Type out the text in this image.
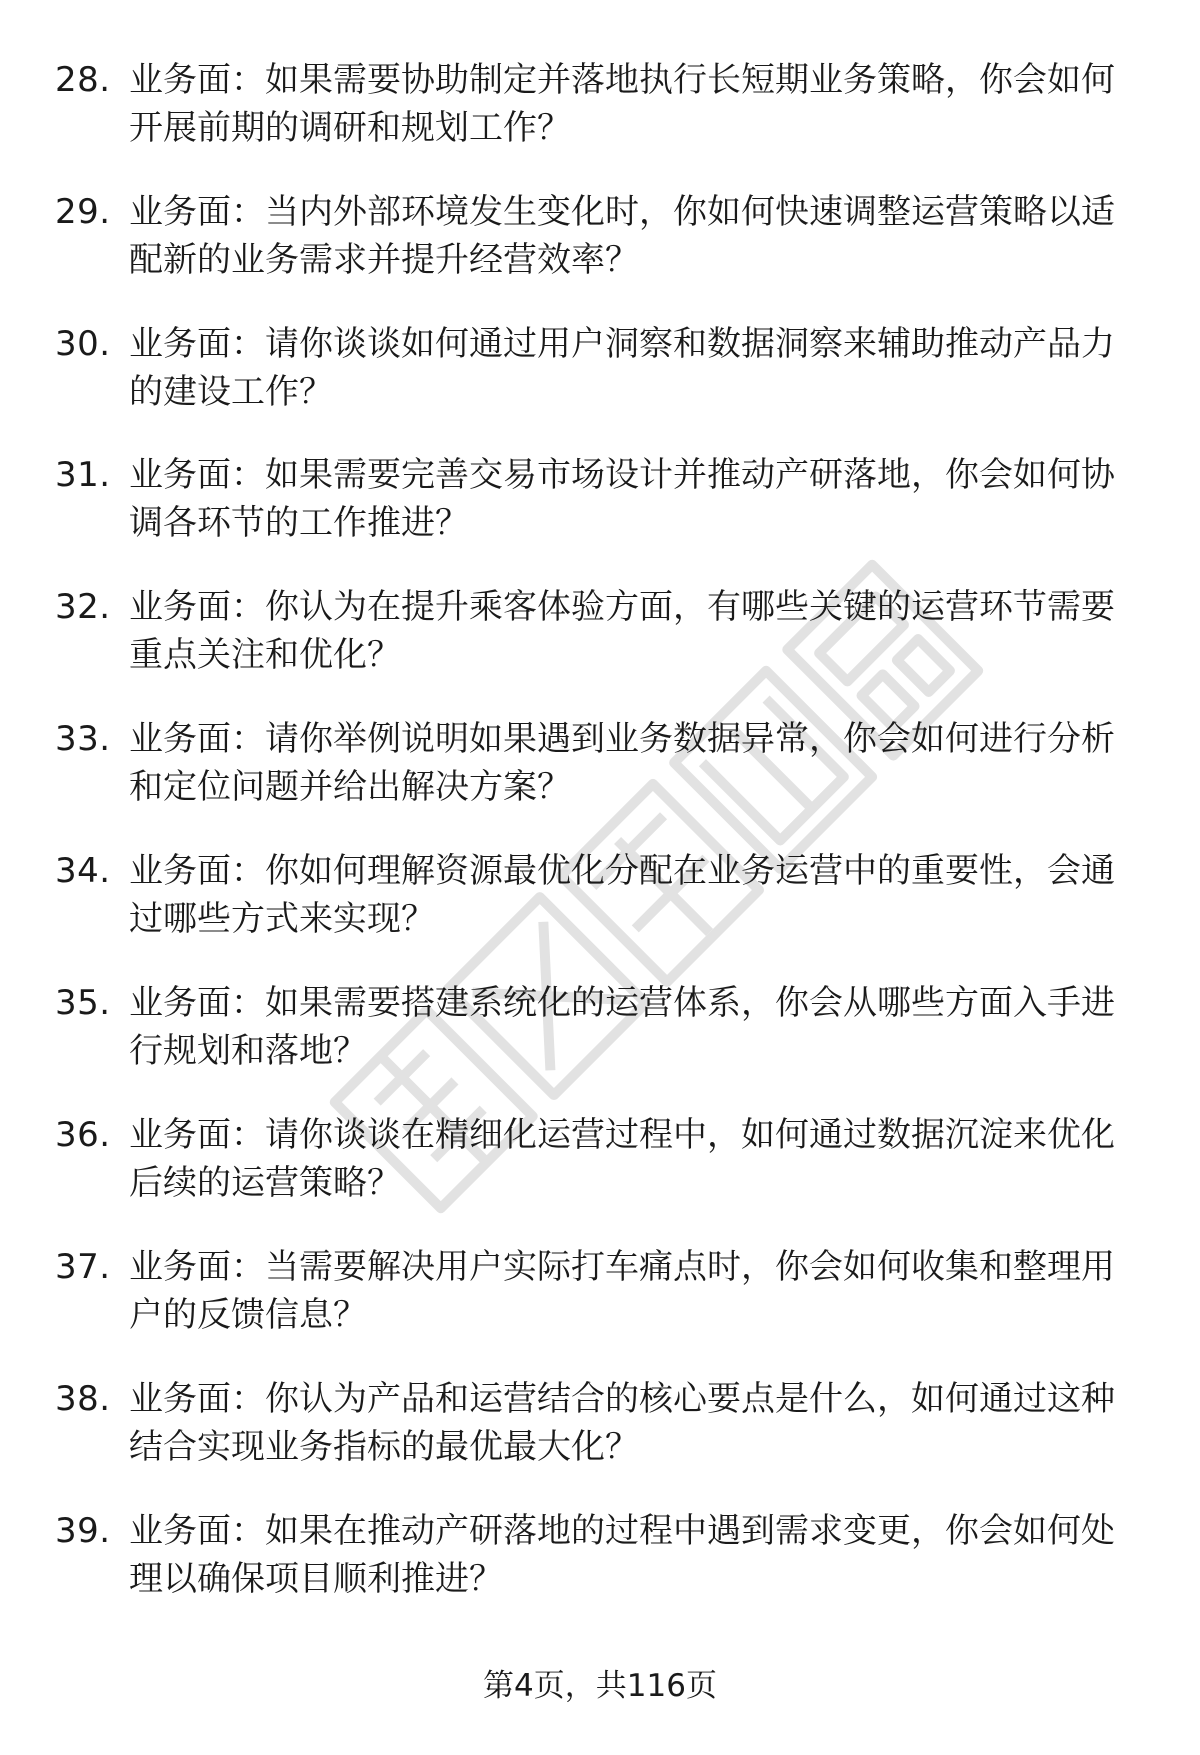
28. 业务面：如果需要协助制定并落地执行长短期业务策略，你会如何开展前期的调研和规划工作？

29. 业务面：当内外部环境发生变化时，你如何快速调整运营策略以适配新的业务需求并提升经营效率？

30. 业务面：请你谈谈如何通过用户洞察和数据洞察来辅助推动产品力的建设工作？

31. 业务面：如果需要完善交易市场设计并推动产研落地，你会如何协调各环节的工作推进？

32. 业务面：你认为在提升乘客体验方面，有哪些关键的运营环节需要重点关注和优化？

33. 业务面：请你举例说明如果遇到业务数据异常，你会如何进行分析和定位问题并给出解决方案？

34. 业务面：你如何理解资源最优化分配在业务运营中的重要性，会通过哪些方式来实现？

35. 业务面：如果需要搭建系统化的运营体系，你会从哪些方面入手进行规划和落地？

36. 业务面：请你谈谈在精细化运营过程中，如何通过数据沉淀来优化后续的运营策略？

37. 业务面：当需要解决用户实际打车痛点时，你会如何收集和整理用户的反馈信息？

38. 业务面：你认为产品和运营结合的核心要点是什么，如何通过这种结合实现业务指标的最优最大化？

39. 业务面：如果在推动产研落地的过程中遇到需求变更，你会如何处理以确保项目顺利推进？

第4页，共116页
